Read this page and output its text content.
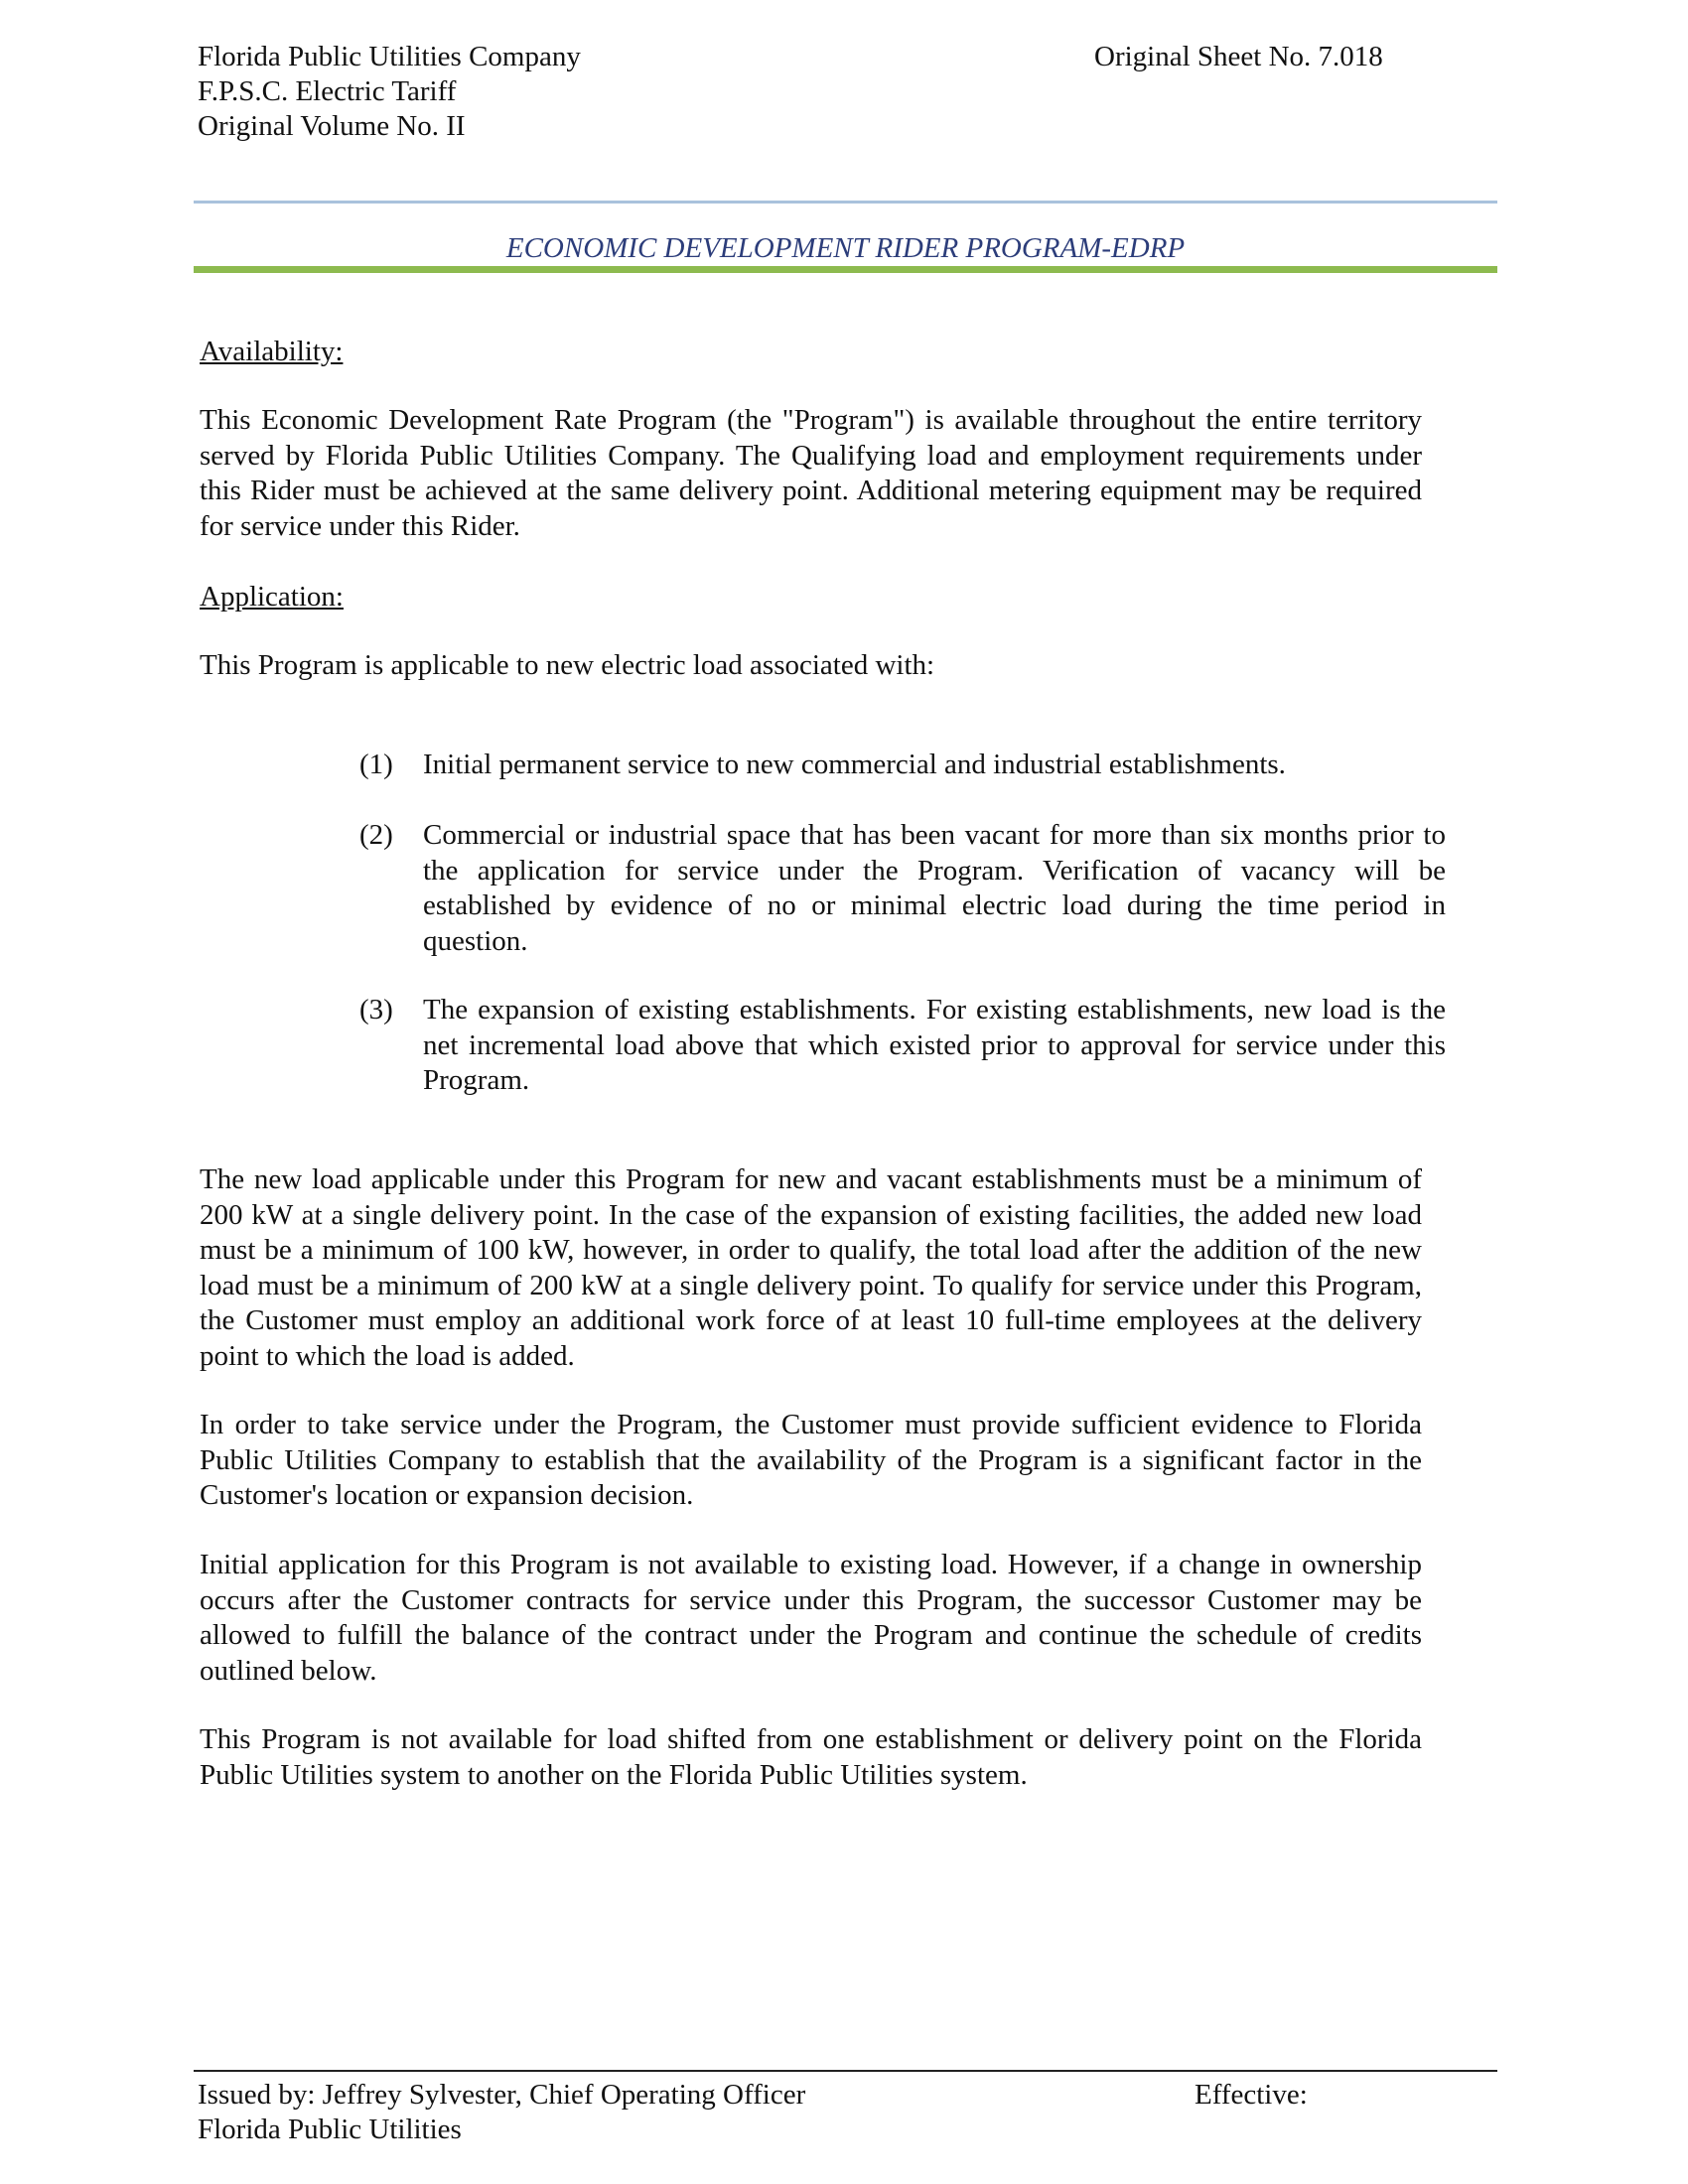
Florida Public Utilities Company
F.P.S.C. Electric Tariff
Original Volume No. II
Original Sheet No. 7.018
ECONOMIC DEVELOPMENT RIDER PROGRAM-EDRP
Availability:

This Economic Development Rate Program (the "Program") is available throughout the entire territory served by Florida Public Utilities Company. The Qualifying load and employment requirements under this Rider must be achieved at the same delivery point. Additional metering equipment may be required for service under this Rider.

Application:

This Program is applicable to new electric load associated with:

(1) Initial permanent service to new commercial and industrial establishments.
(2) Commercial or industrial space that has been vacant for more than six months prior to the application for service under the Program. Verification of vacancy will be established by evidence of no or minimal electric load during the time period in question.
(3) The expansion of existing establishments. For existing establishments, new load is the net incremental load above that which existed prior to approval for service under this Program.

The new load applicable under this Program for new and vacant establishments must be a minimum of 200 kW at a single delivery point. In the case of the expansion of existing facilities, the added new load must be a minimum of 100 kW, however, in order to qualify, the total load after the addition of the new load must be a minimum of 200 kW at a single delivery point. To qualify for service under this Program, the Customer must employ an additional work force of at least 10 full-time employees at the delivery point to which the load is added.

In order to take service under the Program, the Customer must provide sufficient evidence to Florida Public Utilities Company to establish that the availability of the Program is a significant factor in the Customer's location or expansion decision.

Initial application for this Program is not available to existing load. However, if a change in ownership occurs after the Customer contracts for service under this Program, the successor Customer may be allowed to fulfill the balance of the contract under the Program and continue the schedule of credits outlined below.

This Program is not available for load shifted from one establishment or delivery point on the Florida Public Utilities system to another on the Florida Public Utilities system.

Issued by: Jeffrey Sylvester, Chief Operating Officer
Florida Public Utilities
Effective:
